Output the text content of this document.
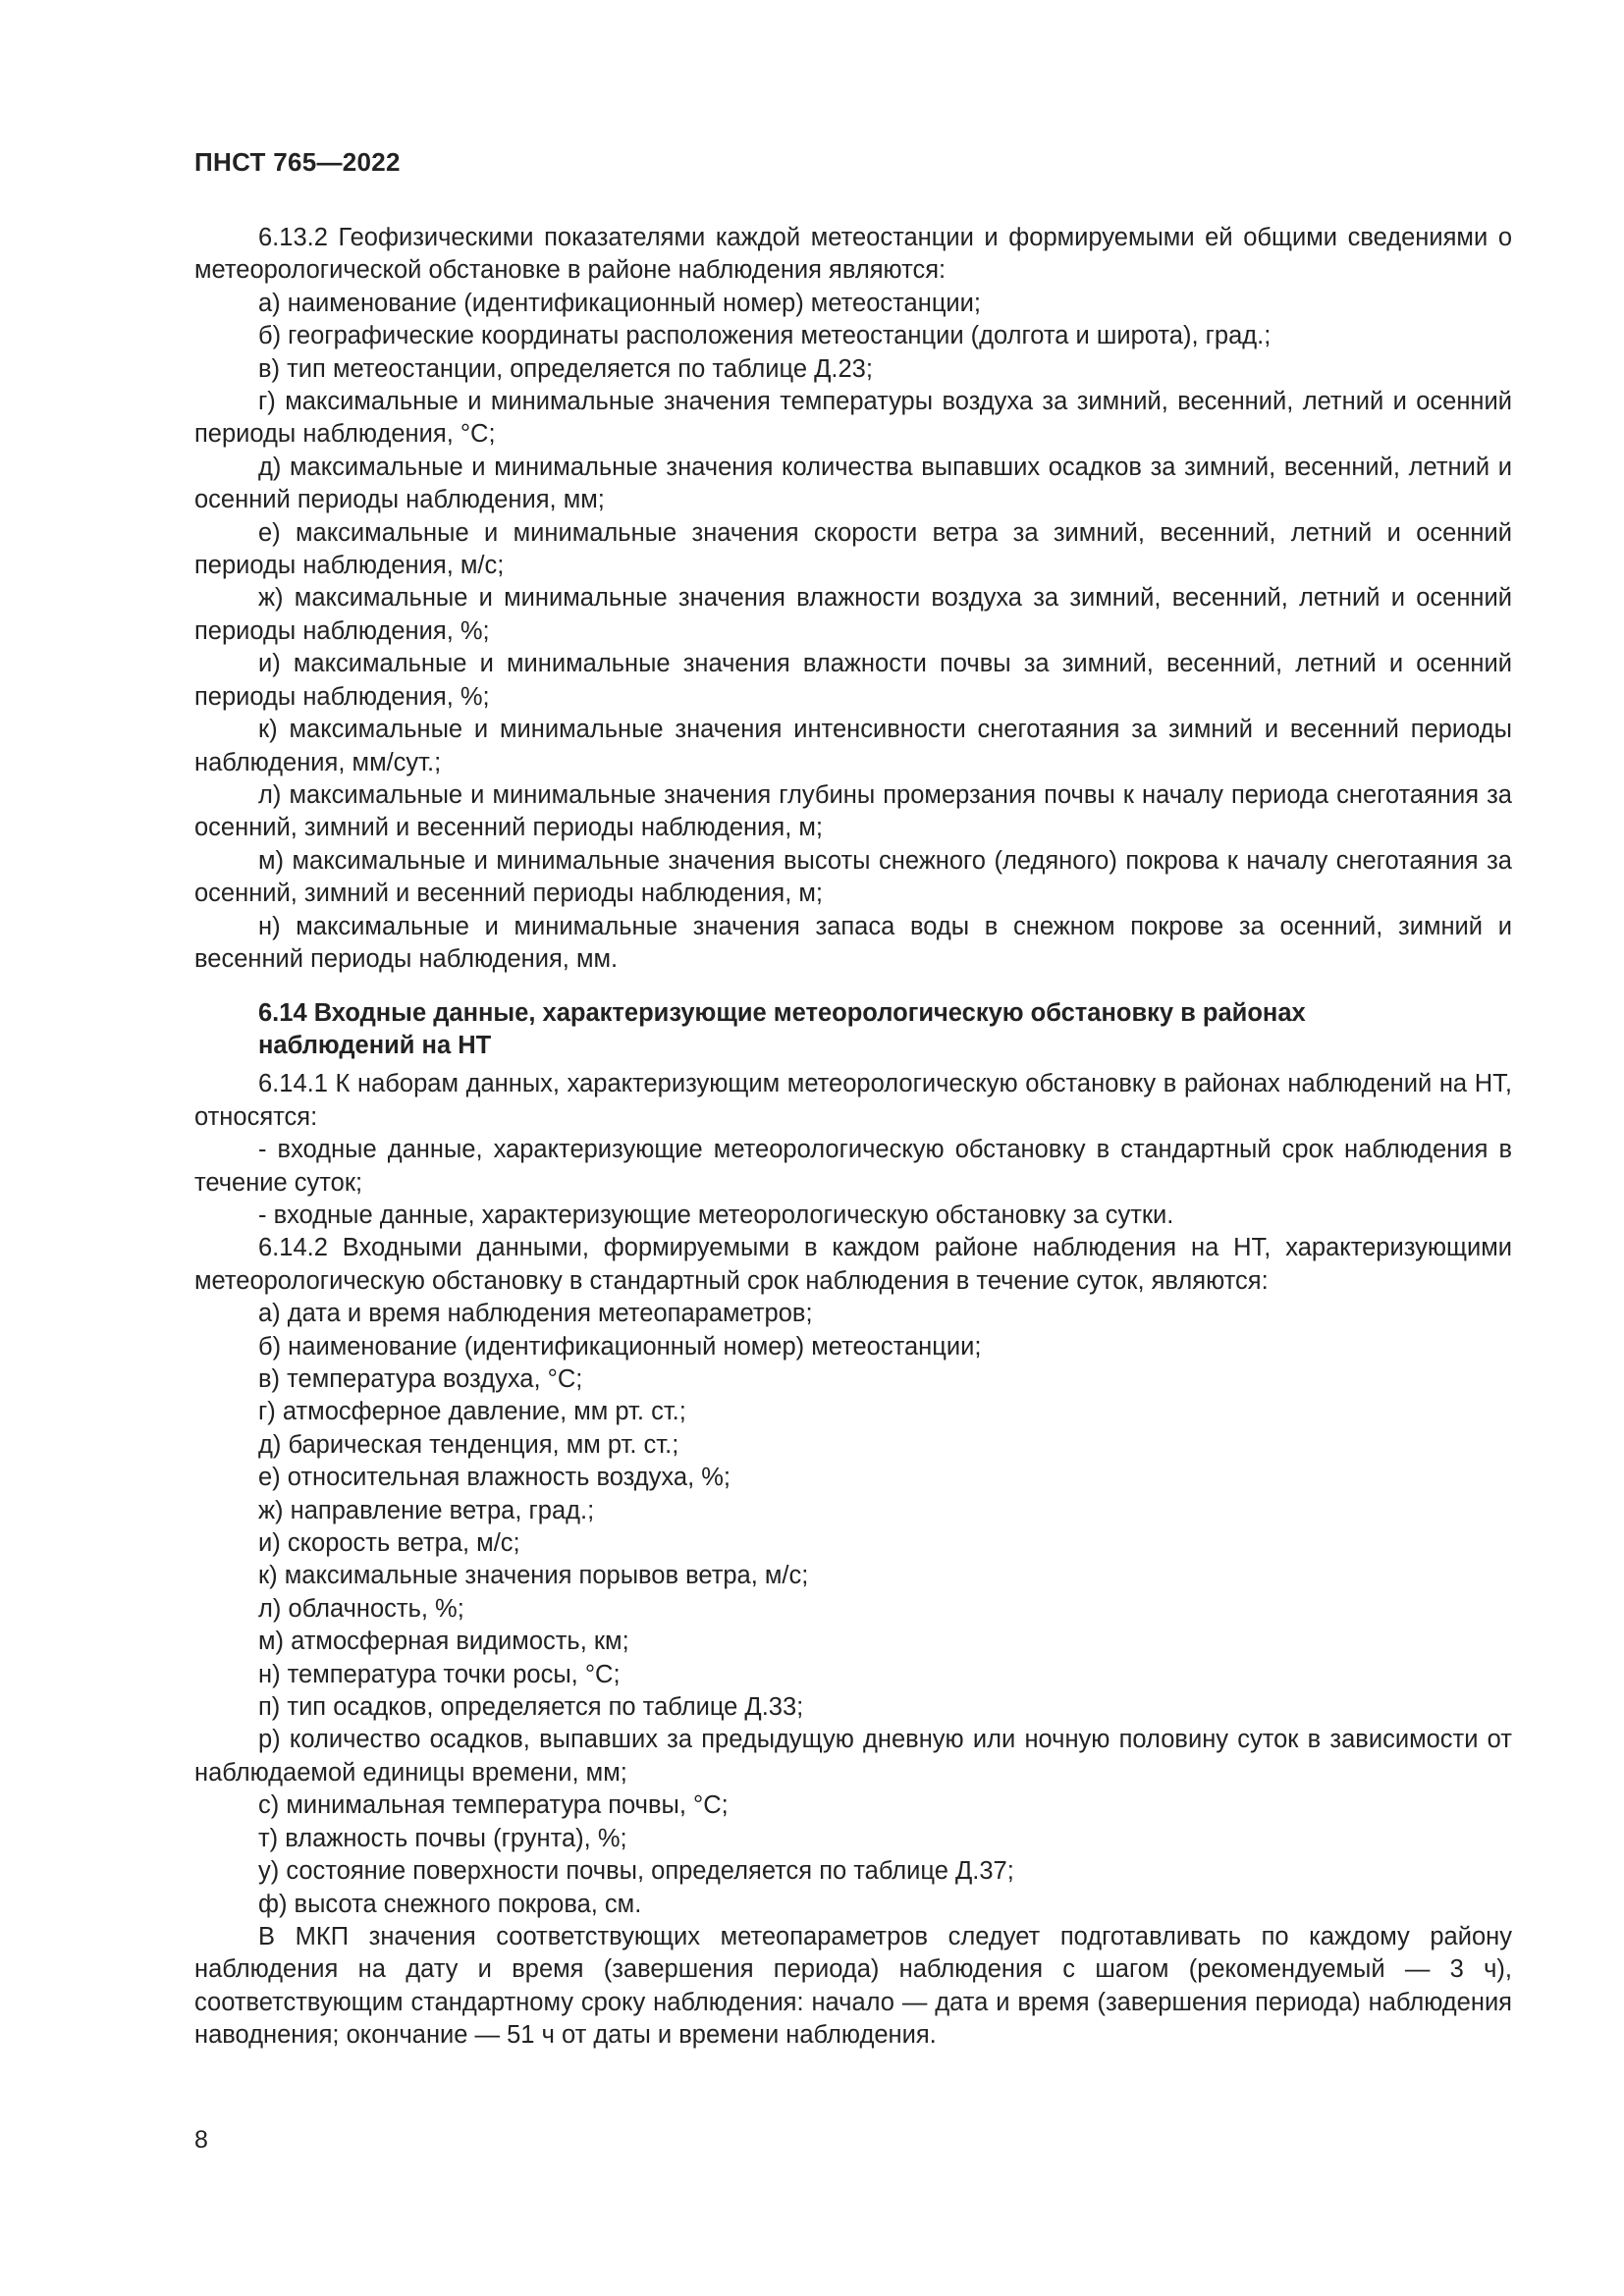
ПНСТ 765—2022

6.13.2 Геофизическими показателями каждой метеостанции и формируемыми ей общими сведениями о метеорологической обстановке в районе наблюдения являются:

а) наименование (идентификационный номер) метеостанции;

б) географические координаты расположения метеостанции (долгота и широта), град.;

в) тип метеостанции, определяется по таблице Д.23;

г) максимальные и минимальные значения температуры воздуха за зимний, весенний, летний и осенний периоды наблюдения, °C;

д) максимальные и минимальные значения количества выпавших осадков за зимний, весенний, летний и осенний периоды наблюдения, мм;

е) максимальные и минимальные значения скорости ветра за зимний, весенний, летний и осенний периоды наблюдения, м/с;

ж) максимальные и минимальные значения влажности воздуха за зимний, весенний, летний и осенний периоды наблюдения, %;

и) максимальные и минимальные значения влажности почвы за зимний, весенний, летний и осенний периоды наблюдения, %;

к) максимальные и минимальные значения интенсивности снеготаяния за зимний и весенний периоды наблюдения, мм/сут.;

л) максимальные и минимальные значения глубины промерзания почвы к началу периода снеготаяния за осенний, зимний и весенний периоды наблюдения, м;

м) максимальные и минимальные значения высоты снежного (ледяного) покрова к началу снеготаяния за осенний, зимний и весенний периоды наблюдения, м;

н) максимальные и минимальные значения запаса воды в снежном покрове за осенний, зимний и весенний периоды наблюдения, мм.

6.14 Входные данные, характеризующие метеорологическую обстановку в районах
наблюдений на НТ

6.14.1 К наборам данных, характеризующим метеорологическую обстановку в районах наблюдений на НТ, относятся:

- входные данные, характеризующие метеорологическую обстановку в стандартный срок наблюдения в течение суток;

- входные данные, характеризующие метеорологическую обстановку за сутки.

6.14.2 Входными данными, формируемыми в каждом районе наблюдения на НТ, характеризующими метеорологическую обстановку в стандартный срок наблюдения в течение суток, являются:

а) дата и время наблюдения метеопараметров;

б) наименование (идентификационный номер) метеостанции;

в) температура воздуха, °C;

г) атмосферное давление, мм рт. ст.;

д) барическая тенденция, мм рт. ст.;

е) относительная влажность воздуха, %;

ж) направление ветра, град.;

и) скорость ветра, м/с;

к) максимальные значения порывов ветра, м/с;

л) облачность, %;

м) атмосферная видимость, км;

н) температура точки росы, °C;

п) тип осадков, определяется по таблице Д.33;

р) количество осадков, выпавших за предыдущую дневную или ночную половину суток в зависимости от наблюдаемой единицы времени, мм;

с) минимальная температура почвы, °C;

т) влажность почвы (грунта), %;

у) состояние поверхности почвы, определяется по таблице Д.37;

ф) высота снежного покрова, см.

В МКП значения соответствующих метеопараметров следует подготавливать по каждому району наблюдения на дату и время (завершения периода) наблюдения с шагом (рекомендуемый — 3 ч), соответствующим стандартному сроку наблюдения: начало — дата и время (завершения периода) наблюдения наводнения; окончание — 51 ч от даты и времени наблюдения.

8
